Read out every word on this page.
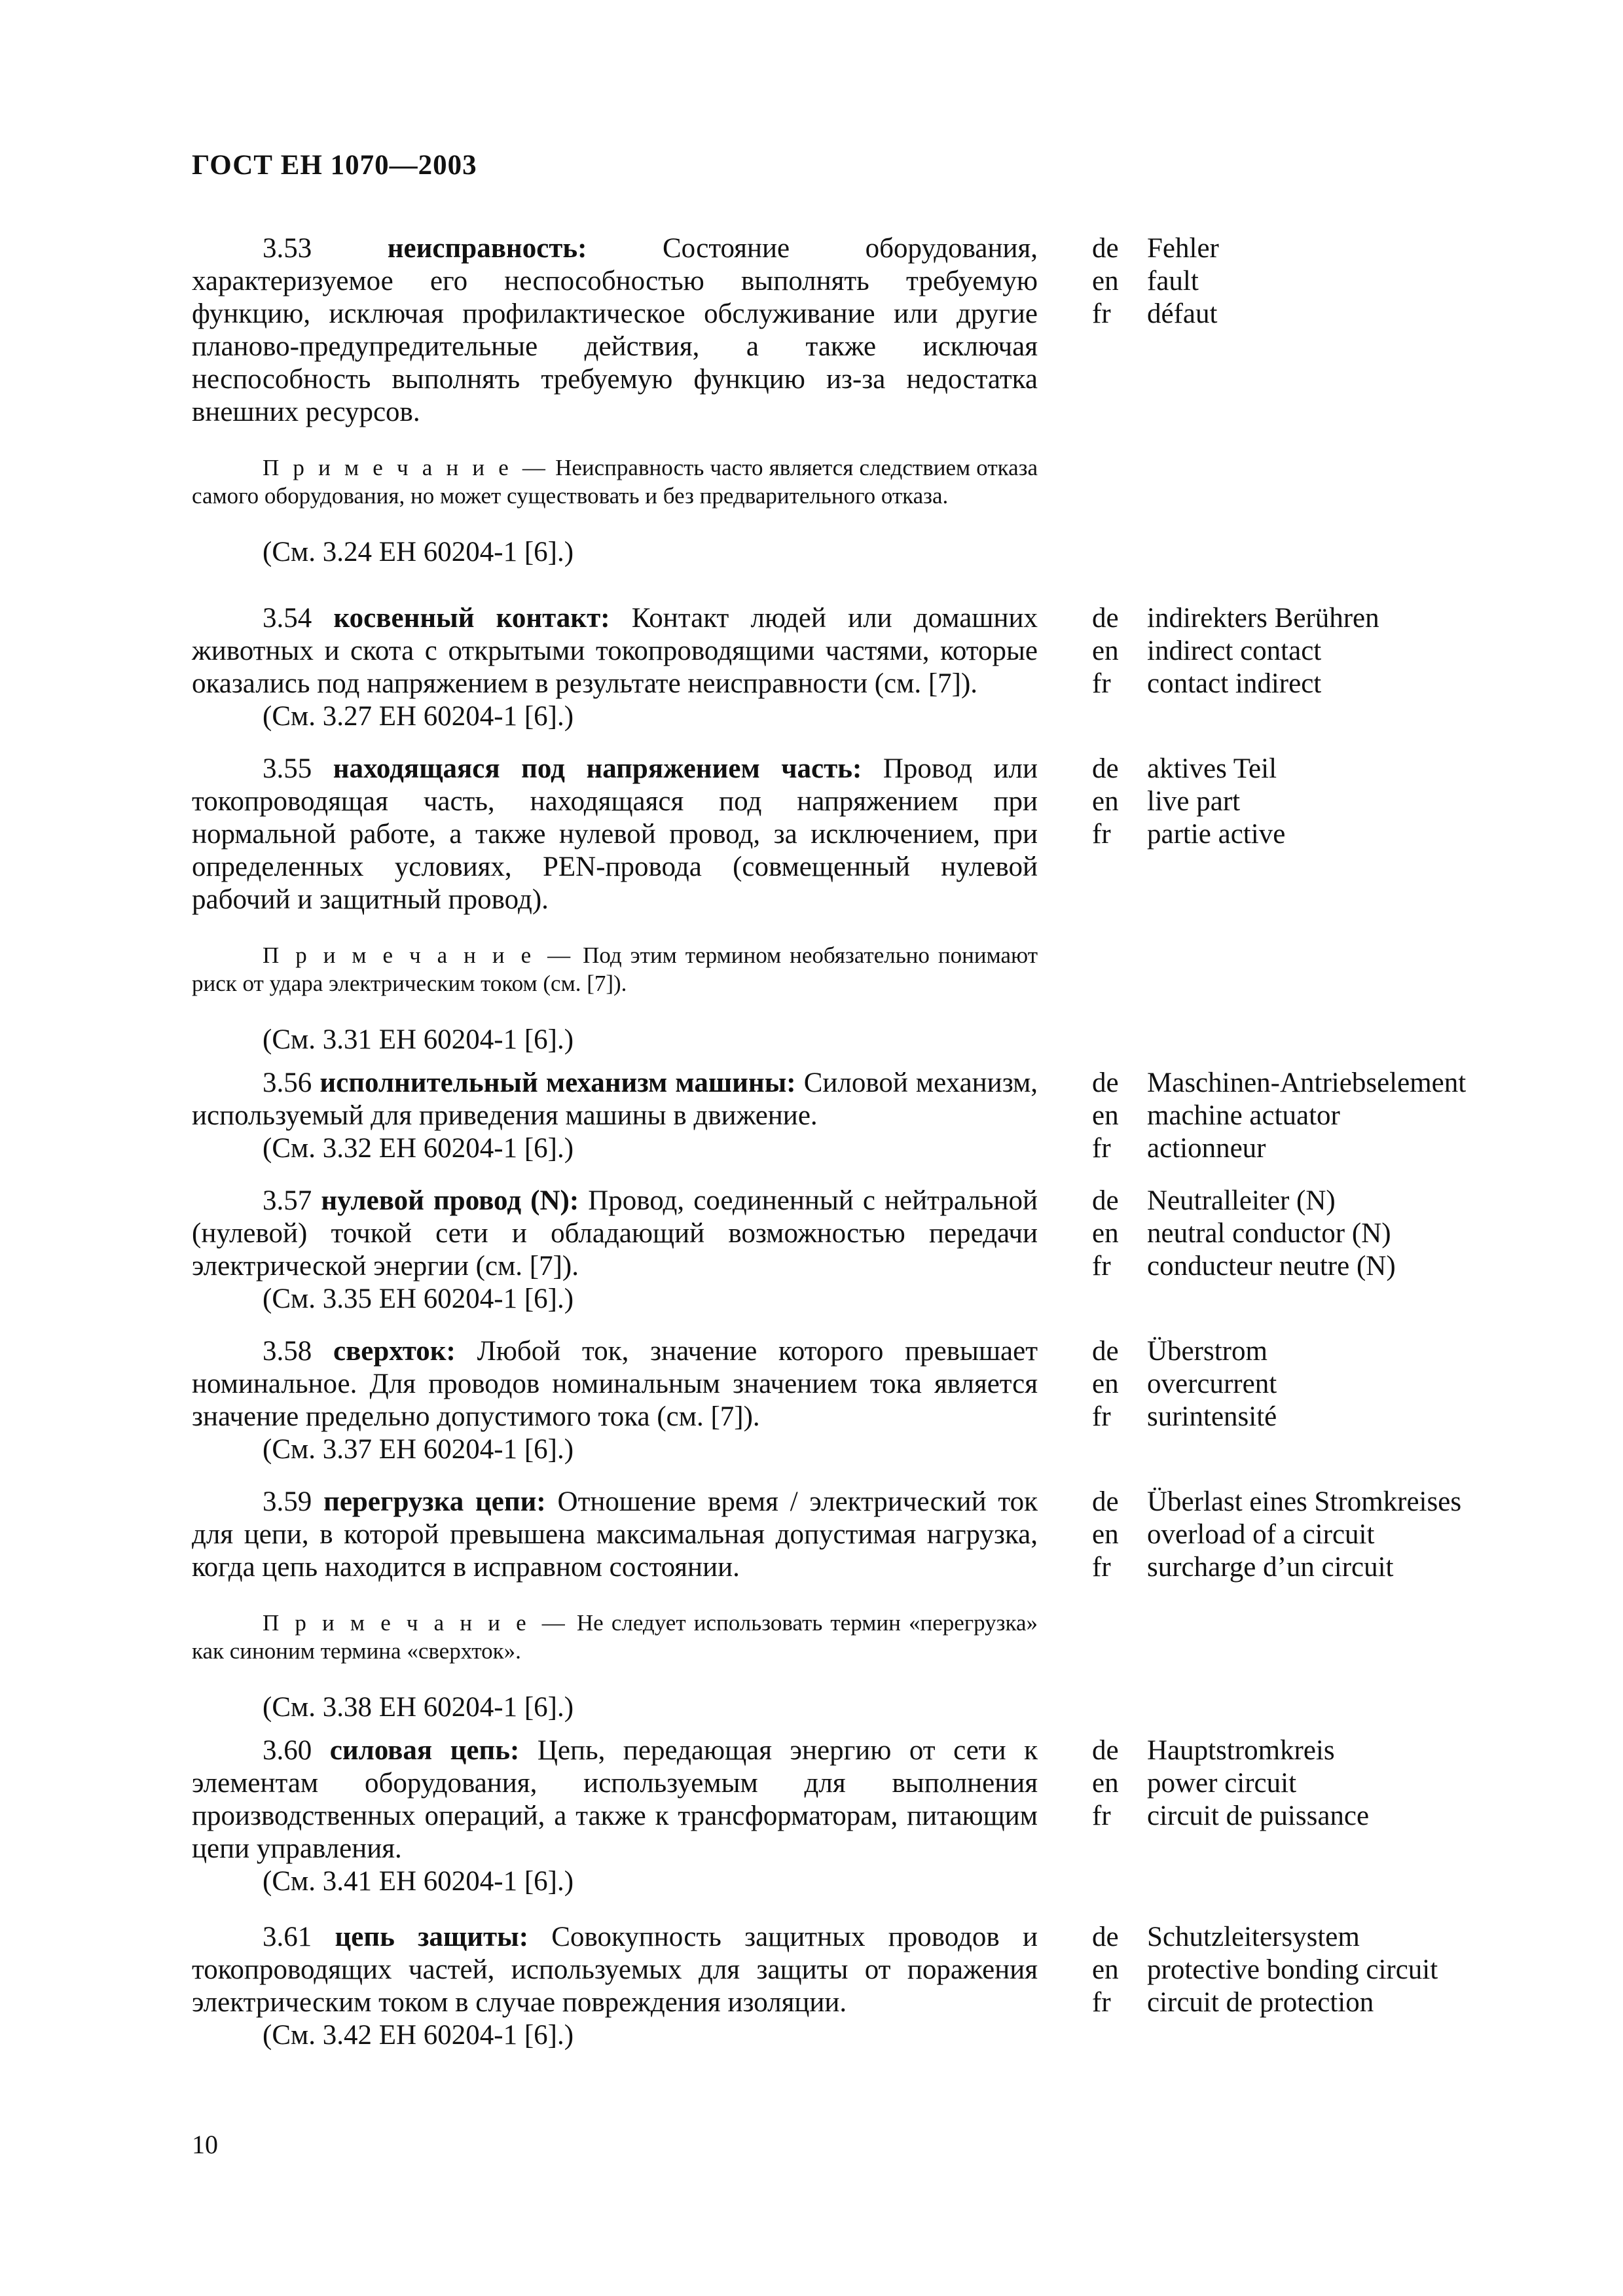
ГОСТ ЕН 1070—2003

3.53	неисправность:	Состояние оборудования, характеризуемое его неспособностью выполнять требуемую функцию, исключая профилактическое обслуживание или другие планово-предупредительные действия, а также исключая неспособность выполнять требуемую функцию из-за недостатка внешних ресурсов.

П р и м е ч а н и е — Неисправность часто является следствием отказа самого оборудования, но может существовать и без предварительного отказа.

(См. 3.24 ЕН 60204-1 [6].)

de Fehler
en fault
fr défaut

3.54 косвенный контакт: Контакт людей или домашних животных и скота с открытыми токопроводящими частями, которые оказались под напряжением в результате неисправности (см. [7]).

(См. 3.27 ЕН 60204-1 [6].)

de indirekters Berühren
en indirect contact
fr contact indirect

3.55 находящаяся под напряжением часть: Провод или токопроводящая часть, находящаяся под напряжением при нормальной работе, а также нулевой провод, за исключением, при определенных условиях, PEN-провода (совмещенный нулевой рабочий и защитный провод).

П р и м е ч а н и е — Под этим термином необязательно понимают риск от удара электрическим током (см. [7]).

(См. 3.31 ЕН 60204-1 [6].)

de aktives Teil
en live part
fr partie active

3.56 исполнительный механизм машины: Силовой механизм, используемый для приведения машины в движение.

(См. 3.32 ЕН 60204-1 [6].)

de Maschinen-Antriebselement
en machine actuator
fr actionneur

3.57 нулевой провод (N): Провод, соединенный с нейтральной (нулевой) точкой сети и обладающий возможностью передачи электрической энергии (см. [7]).

(См. 3.35 ЕН 60204-1 [6].)

de Neutralleiter (N)
en neutral conductor (N)
fr conducteur neutre (N)

3.58 сверхток: Любой ток, значение которого превышает номинальное. Для проводов номинальным значением тока является значение предельно допустимого тока (см. [7]).

(См. 3.37 ЕН 60204-1 [6].)

de Überstrom
en overcurrent
fr surintensité

3.59 перегрузка цепи: Отношение время / электрический ток для цепи, в которой превышена максимальная допустимая нагрузка, когда цепь находится в исправном состоянии.

П р и м е ч а н и е — Не следует использовать термин «перегрузка» как синоним термина «сверхток».

(См. 3.38 ЕН 60204-1 [6].)

de Überlast eines Stromkreises
en overload of a circuit
fr surcharge d’un circuit

3.60 силовая цепь: Цепь, передающая энергию от сети к элементам оборудования, используемым для выполнения производственных операций, а также к трансформаторам, питающим цепи управления.

(См. 3.41 ЕН 60204-1 [6].)

de Hauptstromkreis
en power circuit
fr circuit de puissance

3.61 цепь защиты: Совокупность защитных проводов и токопроводящих частей, используемых для защиты от поражения электрическим током в случае повреждения изоляции.

(См. 3.42 ЕН 60204-1 [6].)

de Schutzleitersystem
en protective bonding circuit
fr circuit de protection
10
